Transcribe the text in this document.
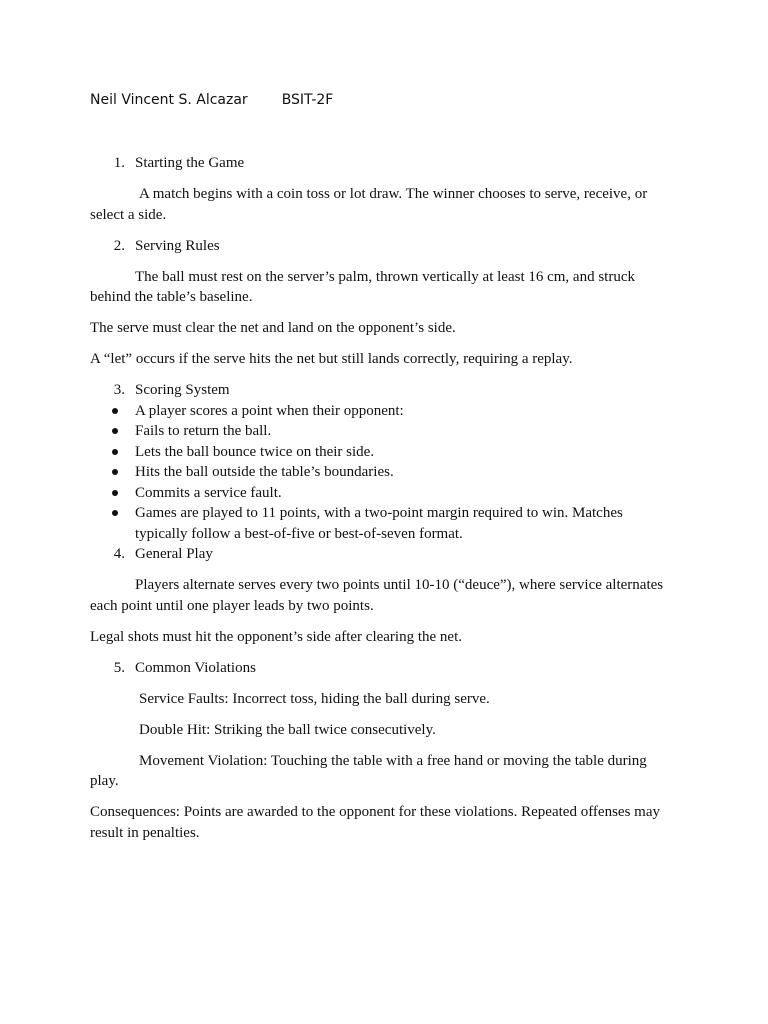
Neil Vincent S. Alcazar BSIT-2F
1. Starting the Game

A match begins with a coin toss or lot draw. The winner chooses to serve, receive, or select a side.

2. Serving Rules

The ball must rest on the server’s palm, thrown vertically at least 16 cm, and struck behind the table’s baseline.

The serve must clear the net and land on the opponent’s side.

A “let” occurs if the serve hits the net but still lands correctly, requiring a replay.

3. Scoring System
A player scores a point when their opponent:
Fails to return the ball.
Lets the ball bounce twice on their side.
Hits the ball outside the table’s boundaries.
Commits a service fault.
Games are played to 11 points, with a two-point margin required to win. Matches typically follow a best-of-five or best-of-seven format.
4. General Play

Players alternate serves every two points until 10-10 (“deuce”), where service alternates each point until one player leads by two points.

Legal shots must hit the opponent’s side after clearing the net.

5. Common Violations

Service Faults: Incorrect toss, hiding the ball during serve.

Double Hit: Striking the ball twice consecutively.

Movement Violation: Touching the table with a free hand or moving the table during play.

Consequences: Points are awarded to the opponent for these violations. Repeated offenses may result in penalties.
